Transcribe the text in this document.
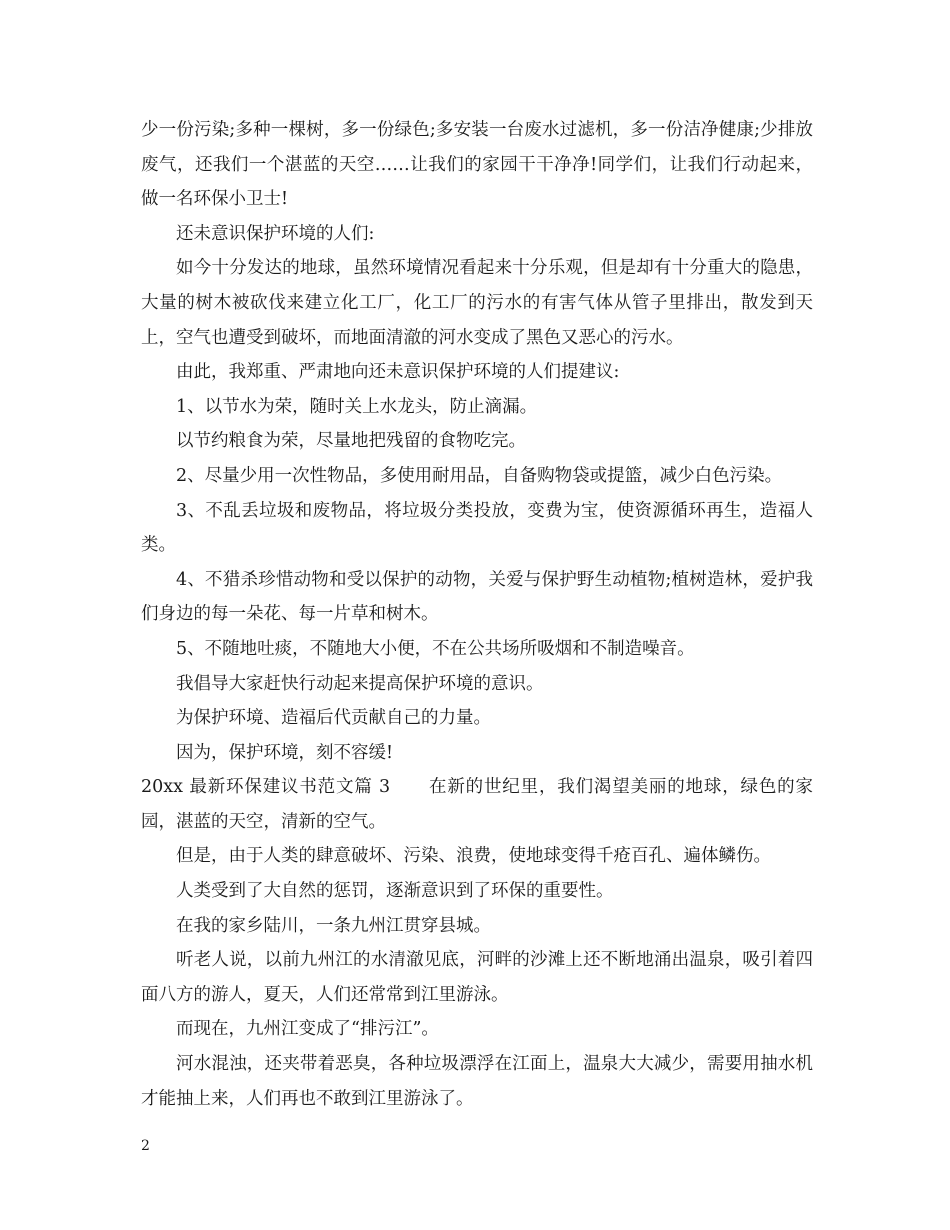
少一份污染;多种一棵树，多一份绿色;多安装一台废水过滤机，多一份洁净健康;少排放废气，还我们一个湛蓝的天空……让我们的家园干干净净!同学们，让我们行动起来，做一名环保小卫士!

还未意识保护环境的人们:

如今十分发达的地球，虽然环境情况看起来十分乐观，但是却有十分重大的隐患，大量的树木被砍伐来建立化工厂，化工厂的污水的有害气体从管子里排出，散发到天上，空气也遭受到破坏，而地面清澈的河水变成了黑色又恶心的污水。

由此，我郑重、严肃地向还未意识保护环境的人们提建议:

1、以节水为荣，随时关上水龙头，防止滴漏。

以节约粮食为荣，尽量地把残留的食物吃完。

2、尽量少用一次性物品，多使用耐用品，自备购物袋或提篮，减少白色污染。

3、不乱丢垃圾和废物品，将垃圾分类投放，变费为宝，使资源循环再生，造福人类。

4、不猎杀珍惜动物和受以保护的动物，关爱与保护野生动植物;植树造林，爱护我们身边的每一朵花、每一片草和树木。

5、不随地吐痰，不随地大小便，不在公共场所吸烟和不制造噪音。

我倡导大家赶快行动起来提高保护环境的意识。

为保护环境、造福后代贡献自己的力量。

因为，保护环境，刻不容缓!

20xx 最新环保建议书范文篇 3 在新的世纪里，我们渴望美丽的地球，绿色的家园，湛蓝的天空，清新的空气。

但是，由于人类的肆意破坏、污染、浪费，使地球变得千疮百孔、遍体鳞伤。

人类受到了大自然的惩罚，逐渐意识到了环保的重要性。

在我的家乡陆川，一条九州江贯穿县城。

听老人说，以前九州江的水清澈见底，河畔的沙滩上还不断地涌出温泉，吸引着四面八方的游人，夏天，人们还常常到江里游泳。

而现在，九州江变成了“排污江”。

河水混浊，还夹带着恶臭，各种垃圾漂浮在江面上，温泉大大减少，需要用抽水机才能抽上来，人们再也不敢到江里游泳了。

2
